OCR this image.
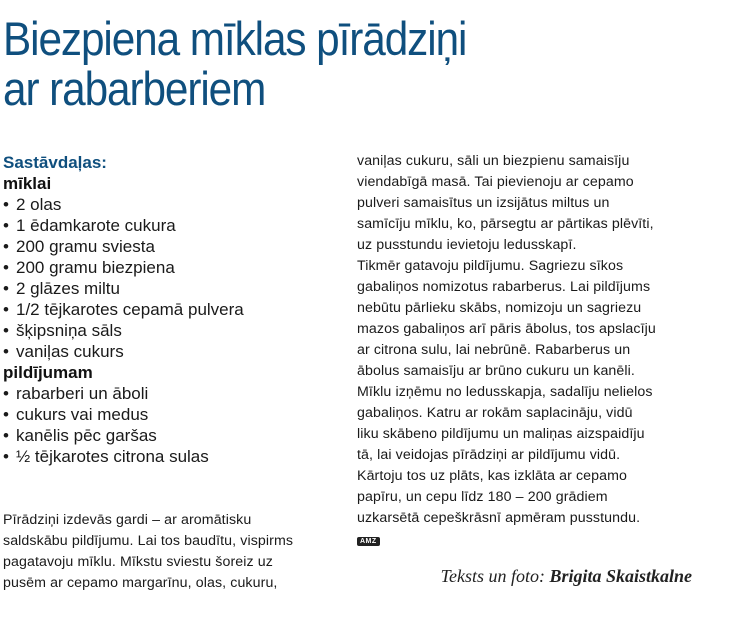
Biezpiena mīklas pīrādziņi
ar rabarberiem
Sastāvdaļas:
mīklai
• 2 olas
• 1 ēdamkarote cukura
• 200 gramu sviesta
• 200 gramu biezpiena
• 2 glāzes miltu
• 1/2 tējkarotes cepamā pulvera
• šķipsniņa sāls
• vaniļas cukurs
pildījumam
• rabarberi un āboli
• cukurs vai medus
• kanēlis pēc garšas
• ½ tējkarotes citrona sulas
Pīrādziņi izdevās gardi – ar aromātisku
saldskābu pildījumu. Lai tos baudītu, vispirms
pagatavoju mīklu. Mīkstu sviestu šoreiz uz
pusēm ar cepamo margarīnu, olas, cukuru,
vaniļas cukuru, sāli un biezpienu samaisīju
viendabīgā masā. Tai pievienoju ar cepamo
pulveri samaisītus un izsijātus miltus un
samīcīju mīklu, ko, pārsegtu ar pārtikas plēvīti,
uz pusstundu ievietoju ledusskapī.
Tikmēr gatavoju pildījumu. Sagriezu sīkos
gabaliņos nomizotus rabarberus. Lai pildījums
nebūtu pārlieku skābs, nomizoju un sagriezu
mazos gabaliņos arī pāris ābolus, tos apslacīju
ar citrona sulu, lai nebrūnē. Rabarberus un
ābolus samaisīju ar brūno cukuru un kanēli.
Mīklu izņēmu no ledusskapja, sadalīju nelielos
gabaliņos. Katru ar rokām saplacināju, vidū
liku skābeno pildījumu un maliņas aizspaidīju
tā, lai veidojas pīrādziņi ar pildījumu vidū.
Kārtoju tos uz plāts, kas izklāta ar cepamo
papīru, un cepu līdz 180 – 200 grādiem
uzkarsētā cepeškrāsnī apmēram pusstundu.
AMZ
Teksts un foto: Brigita Skaistkalne
